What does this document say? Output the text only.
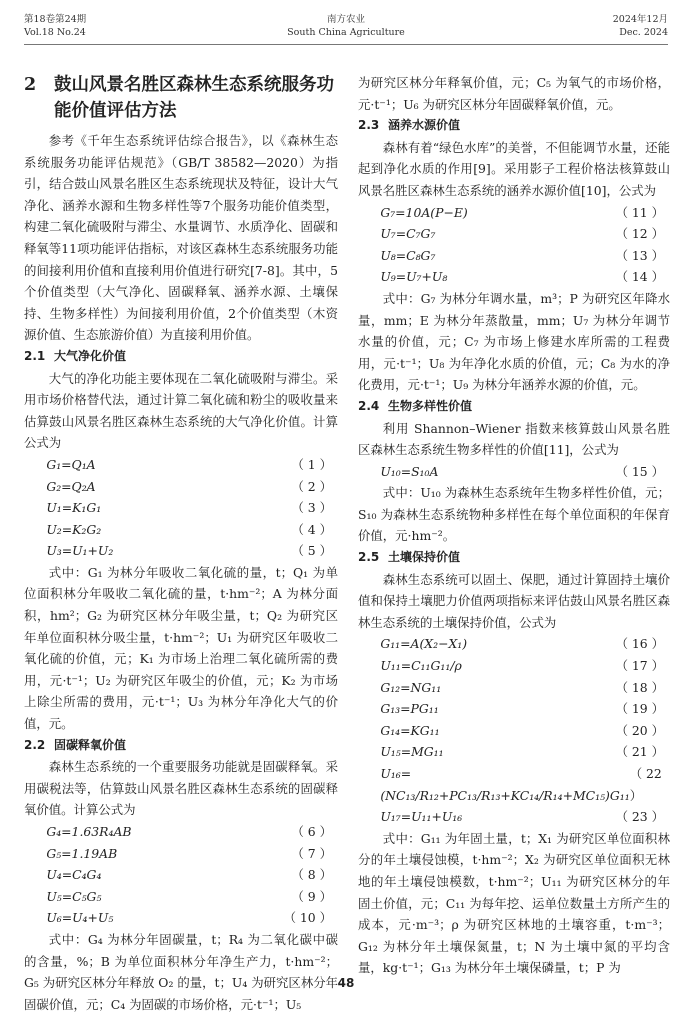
第18卷第24期
Vol.18 No.24
南方农业
South China Agriculture
2024年12月
Dec. 2024
2	鼓山风景名胜区森林生态系统服务功能价值评估方法

参考《千年生态系统评估综合报告》，以《森林生态系统服务功能评估规范》（GB/T 38582—2020）为指引，结合鼓山风景名胜区生态系统现状及特征，设计大气净化、涵养水源和生物多样性等7个服务功能价值类型，构建二氧化硫吸附与滞尘、水量调节、水质净化、固碳和释氧等11项功能评估指标，对该区森林生态系统服务功能的间接利用价值和直接利用价值进行研究[7-8]。其中，5个价值类型（大气净化、固碳释氧、涵养水源、土壤保持、生物多样性）为间接利用价值，2个价值类型（木资源价值、生态旅游价值）为直接利用价值。

2.1 大气净化价值

大气的净化功能主要体现在二氧化硫吸附与滞尘。采用市场价格替代法，通过计算二氧化硫和粉尘的吸收量来估算鼓山风景名胜区森林生态系统的大气净化价值。计算公式为

G₁=Q₁A	（ 1 ）
G₂=Q₂A	（ 2 ）
U₁=K₁G₁	（ 3 ）
U₂=K₂G₂	（ 4 ）
U₃=U₁+U₂	（ 5 ）

式中：G₁ 为林分年吸收二氧化硫的量，t；Q₁ 为单位面积林分年吸收二氧化硫的量，t·hm⁻²；A 为林分面积，hm²；G₂ 为研究区林分年吸尘量，t；Q₂ 为研究区年单位面积林分吸尘量，t·hm⁻²；U₁ 为研究区年吸收二氧化硫的价值，元；K₁ 为市场上治理二氧化硫所需的费用，元·t⁻¹；U₂ 为研究区年吸尘的价值，元；K₂ 为市场上除尘所需的费用，元·t⁻¹；U₃ 为林分年净化大气的价值，元。

2.2 固碳释氧价值

森林生态系统的一个重要服务功能就是固碳释氧。采用碳税法等，估算鼓山风景名胜区森林生态系统的固碳释氧价值。计算公式为

G₄=1.63R₄AB	（ 6 ）
G₅=1.19AB	（ 7 ）
U₄=C₄G₄	（ 8 ）
U₅=C₅G₅	（ 9 ）
U₆=U₄+U₅	（ 10 ）

式中：G₄ 为林分年固碳量，t；R₄ 为二氧化碳中碳的含量，%；B 为单位面积林分年净生产力，t·hm⁻²；G₅ 为研究区林分年释放 O₂ 的量，t；U₄ 为研究区林分年固碳价值，元；C₄ 为固碳的市场价格，元·t⁻¹；U₅

为研究区林分年释氧价值，元；C₅ 为氧气的市场价格，元·t⁻¹；U₆ 为研究区林分年固碳释氧价值，元。

2.3 涵养水源价值

森林有着“绿色水库”的美誉，不但能调节水量，还能起到净化水质的作用[9]。采用影子工程价格法核算鼓山风景名胜区森林生态系统的涵养水源价值[10]，公式为

G₇=10A(P−E)	（ 11 ）
U₇=C₇G₇	（ 12 ）
U₈=C₈G₇	（ 13 ）
U₉=U₇+U₈	（ 14 ）

式中：G₇ 为林分年调水量，m³；P 为研究区年降水量，mm；E 为林分年蒸散量，mm；U₇ 为林分年调节水量的价值，元；C₇ 为市场上修建水库所需的工程费用，元·t⁻¹；U₈ 为年净化水质的价值，元；C₈ 为水的净化费用，元·t⁻¹；U₉ 为林分年涵养水源的价值，元。

2.4 生物多样性价值

利用 Shannon–Wiener 指数来核算鼓山风景名胜区森林生态系统生物多样性的价值[11]，公式为

U₁₀=S₁₀A	（ 15 ）

式中：U₁₀ 为森林生态系统年生物多样性价值，元；S₁₀ 为森林生态系统物种多样性在每个单位面积的年保育价值，元·hm⁻²。

2.5 土壤保持价值

森林生态系统可以固土、保肥，通过计算固持土壤价值和保持土壤肥力价值两项指标来评估鼓山风景名胜区森林生态系统的土壤保持价值，公式为

G₁₁=A(X₂−X₁)	（ 16 ）
U₁₁=C₁₁G₁₁/ρ	（ 17 ）
G₁₂=NG₁₁	（ 18 ）
G₁₃=PG₁₁	（ 19 ）
G₁₄=KG₁₁	（ 20 ）
U₁₅=MG₁₁	（ 21 ）
U₁₆=(NC₁₃/R₁₂+PC₁₃/R₁₃+KC₁₄/R₁₄+MC₁₅)G₁₁
（ 22 ）
U₁₇=U₁₁+U₁₆	（ 23 ）

式中：G₁₁ 为年固土量，t；X₁ 为研究区单位面积林分的年土壤侵蚀模，t·hm⁻²；X₂ 为研究区单位面积无林地的年土壤侵蚀模数，t·hm⁻²；U₁₁ 为研究区林分的年固土价值，元；C₁₁ 为每年挖、运单位数量土方所产生的成本，元·m⁻³；ρ 为研究区林地的土壤容重，t·m⁻³；G₁₂ 为林分年土壤保氮量，t；N 为土壤中氮的平均含量，kg·t⁻¹；G₁₃ 为林分年土壤保磷量，t；P 为

48
